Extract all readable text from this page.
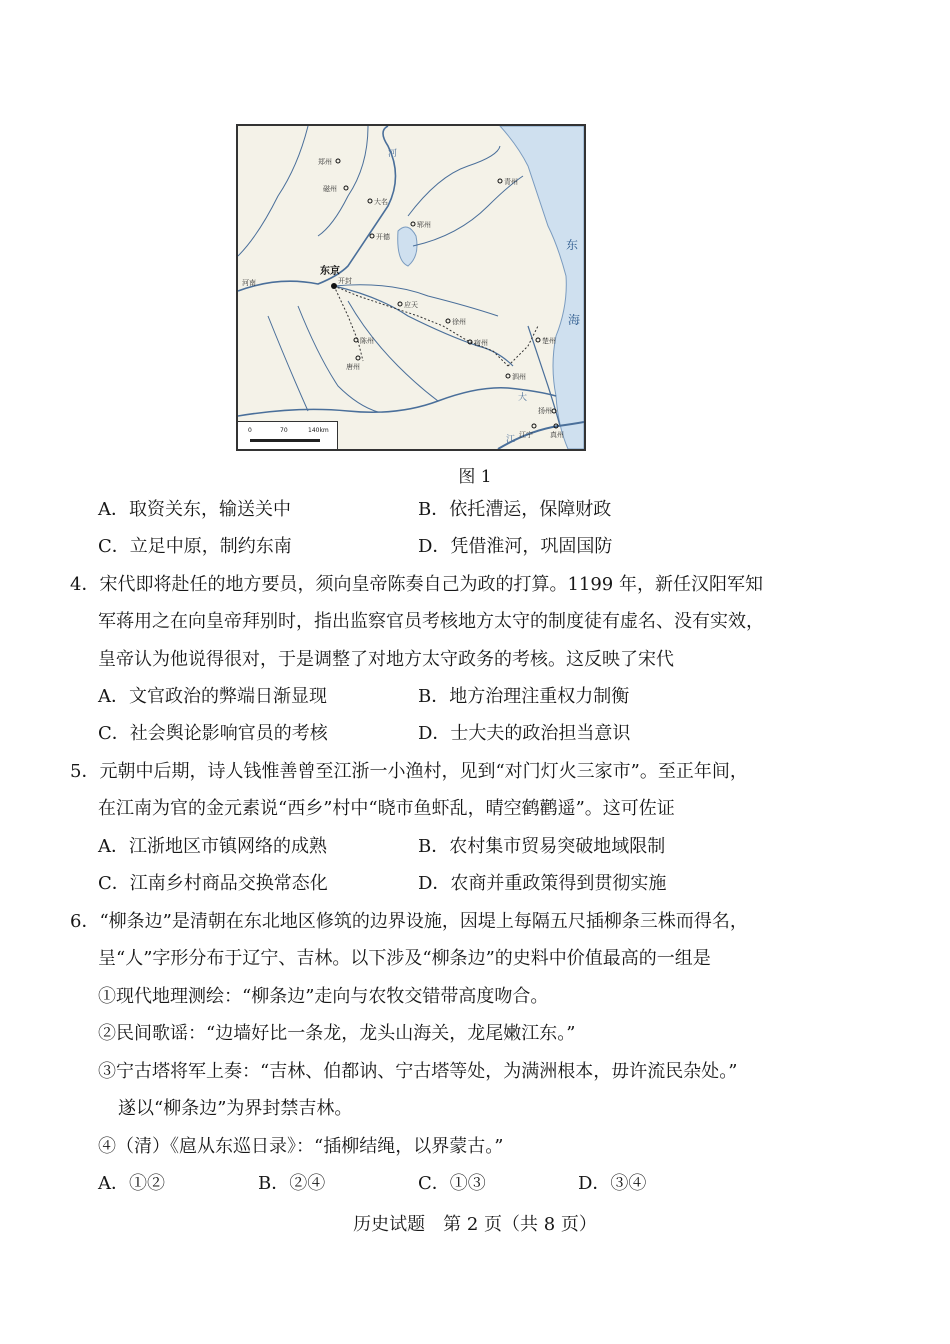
郑州
磁州
大名
开德
郓州
青州
东京
开封
河南
徐州
宿州
应天
陈州
唐州
泗州
楚州
扬州
江宁 真州
江
大
河
东
海
0	70	140km
图 1
A．取资关东，输送关中	B．依托漕运，保障财政
C．立足中原，制约东南	D．凭借淮河，巩固国防
4．宋代即将赴任的地方要员，须向皇帝陈奏自己为政的打算。1199 年，新任汉阳军知
军蒋用之在向皇帝拜别时，指出监察官员考核地方太守的制度徒有虚名、没有实效，
皇帝认为他说得很对，于是调整了对地方太守政务的考核。这反映了宋代
A．文官政治的弊端日渐显现	B．地方治理注重权力制衡
C．社会舆论影响官员的考核	D．士大夫的政治担当意识
5．元朝中后期，诗人钱惟善曾至江浙一小渔村，见到“对门灯火三家市”。至正年间，
在江南为官的金元素说“西乡”村中“晓市鱼虾乱，晴空鹤鹳遥”。这可佐证
A．江浙地区市镇网络的成熟	B．农村集市贸易突破地域限制
C．江南乡村商品交换常态化	D．农商并重政策得到贯彻实施
6．“柳条边”是清朝在东北地区修筑的边界设施，因堤上每隔五尺插柳条三株而得名，
呈“人”字形分布于辽宁、吉林。以下涉及“柳条边”的史料中价值最高的一组是
①现代地理测绘：“柳条边”走向与农牧交错带高度吻合。
②民间歌谣：“边墙好比一条龙，龙头山海关，龙尾嫩江东。”
③宁古塔将军上奏：“吉林、伯都讷、宁古塔等处，为满洲根本，毋许流民杂处。”
遂以“柳条边”为界封禁吉林。
④（清）《扈从东巡日录》：“插柳结绳，以界蒙古。”
A．①②	B．②④	C．①③	D．③④
历史试题　第 2 页（共 8 页）
